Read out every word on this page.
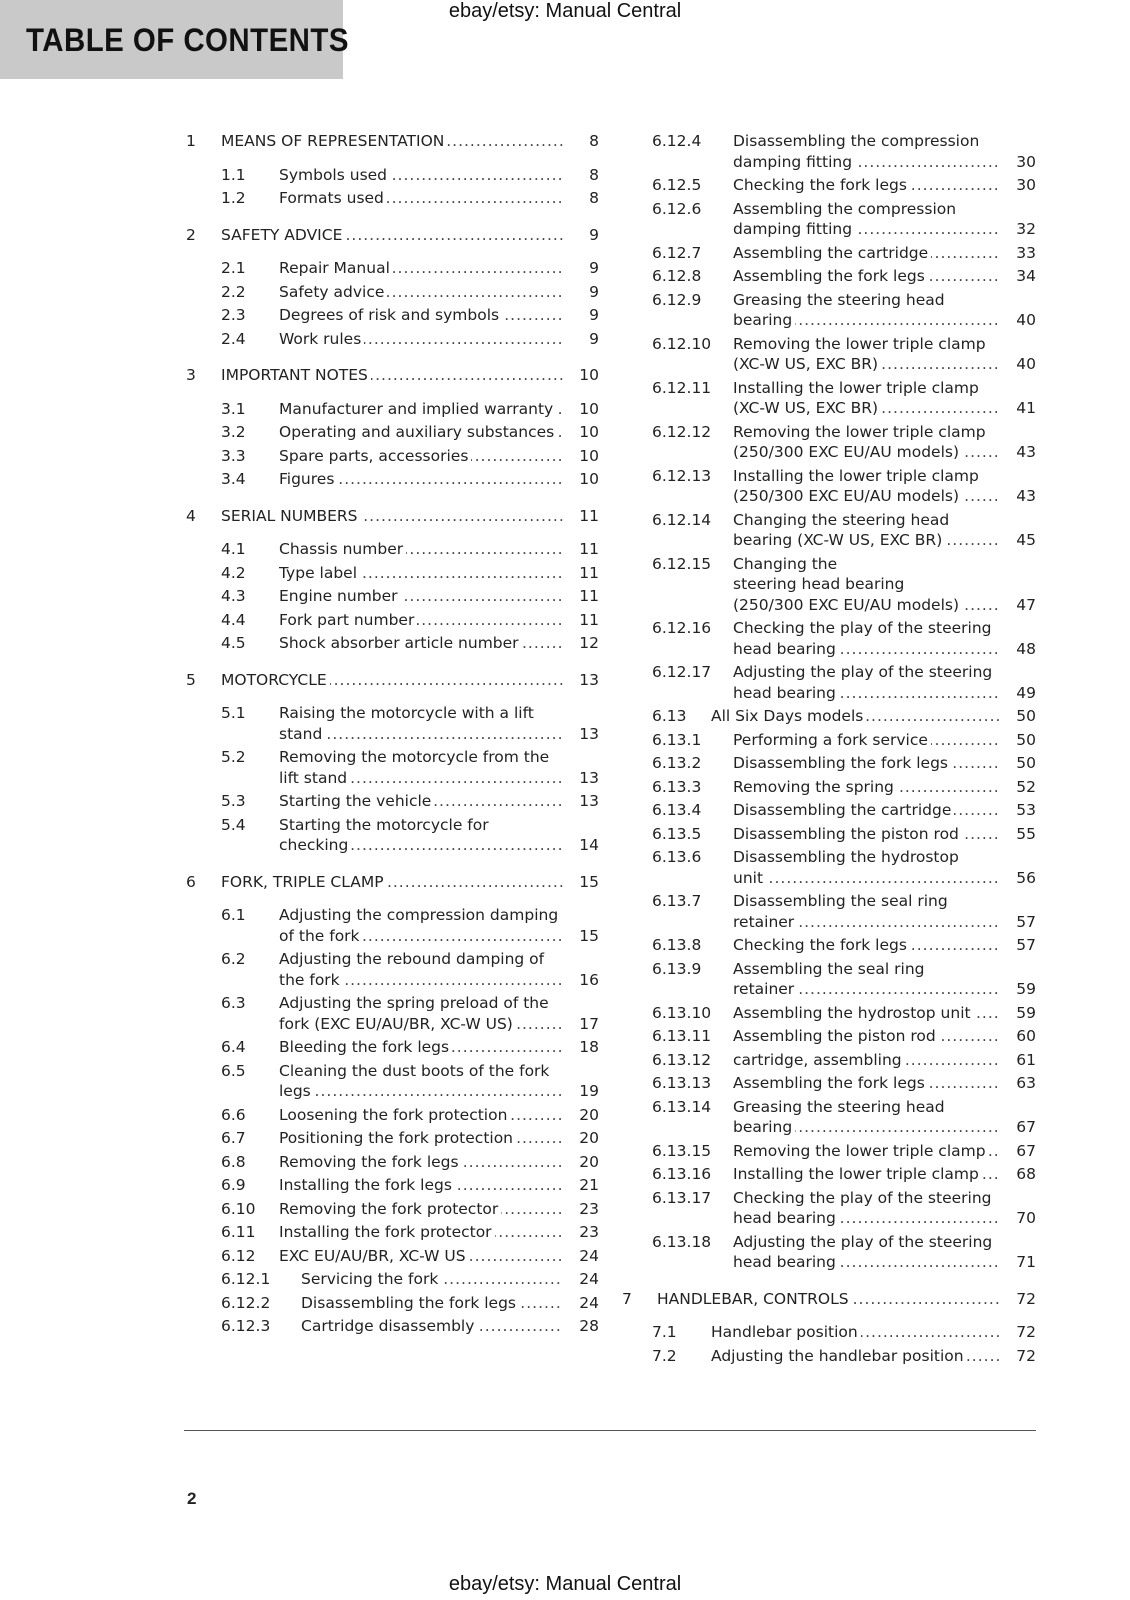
TABLE OF CONTENTS
ebay/etsy: Manual Central
1	MEANS OF REPRESENTATION .....	8
1.1	Symbols used .....	8
1.2	Formats used .....	8
2	SAFETY ADVICE .....	9
2.1	Repair Manual .....	9
2.2	Safety advice .....	9
2.3	Degrees of risk and symbols .....	9
2.4	Work rules .....	9
3	IMPORTANT NOTES .....	10
3.1	Manufacturer and implied warranty .....	10
3.2	Operating and auxiliary substances .....	10
3.3	Spare parts, accessories .....	10
3.4	Figures .....	10
4	SERIAL NUMBERS .....	11
4.1	Chassis number .....	11
4.2	Type label .....	11
4.3	Engine number .....	11
4.4	Fork part number .....	11
4.5	Shock absorber article number .....	12
5	MOTORCYCLE .....	13
5.1	Raising the motorcycle with a lift
stand .....	13
5.2	Removing the motorcycle from the
lift stand .....	13
5.3	Starting the vehicle .....	13
5.4	Starting the motorcycle for
checking .....	14
6	FORK, TRIPLE CLAMP .....	15
6.1	Adjusting the compression damping
of the fork .....	15
6.2	Adjusting the rebound damping of
the fork .....	16
6.3	Adjusting the spring preload of the
fork (EXC EU/AU/BR, XC-W US) .....	17
6.4	Bleeding the fork legs .....	18
6.5	Cleaning the dust boots of the fork
legs .....	19
6.6	Loosening the fork protection .....	20
6.7	Positioning the fork protection .....	20
6.8	Removing the fork legs .....	20
6.9	Installing the fork legs .....	21
6.10	Removing the fork protector .....	23
6.11	Installing the fork protector .....	23
6.12	EXC EU/AU/BR, XC-W US .....	24
6.12.1	Servicing the fork .....	24
6.12.2	Disassembling the fork legs .....	24
6.12.3	Cartridge disassembly .....	28
6.12.4	Disassembling the compression
damping fitting .....	30
6.12.5	Checking the fork legs .....	30
6.12.6	Assembling the compression
damping fitting .....	32
6.12.7	Assembling the cartridge .....	33
6.12.8	Assembling the fork legs .....	34
6.12.9	Greasing the steering head
bearing .....	40
6.12.10	Removing the lower triple clamp
(XC-W US, EXC BR) .....	40
6.12.11	Installing the lower triple clamp
(XC-W US, EXC BR) .....	41
6.12.12	Removing the lower triple clamp
(250/300 EXC EU/AU models) .....	43
6.12.13	Installing the lower triple clamp
(250/300 EXC EU/AU models) .....	43
6.12.14	Changing the steering head
bearing (XC-W US, EXC BR) .....	45
6.12.15	Changing the
steering head bearing
(250/300 EXC EU/AU models) .....	47
6.12.16	Checking the play of the steering
head bearing .....	48
6.12.17	Adjusting the play of the steering
head bearing .....	49
6.13	All Six Days models .....	50
6.13.1	Performing a fork service .....	50
6.13.2	Disassembling the fork legs .....	50
6.13.3	Removing the spring .....	52
6.13.4	Disassembling the cartridge .....	53
6.13.5	Disassembling the piston rod .....	55
6.13.6	Disassembling the hydrostop
unit .....	56
6.13.7	Disassembling the seal ring
retainer .....	57
6.13.8	Checking the fork legs .....	57
6.13.9	Assembling the seal ring
retainer .....	59
6.13.10	Assembling the hydrostop unit .....	59
6.13.11	Assembling the piston rod .....	60
6.13.12	cartridge, assembling .....	61
6.13.13	Assembling the fork legs .....	63
6.13.14	Greasing the steering head
bearing .....	67
6.13.15	Removing the lower triple clamp .....	67
6.13.16	Installing the lower triple clamp .....	68
6.13.17	Checking the play of the steering
head bearing .....	70
6.13.18	Adjusting the play of the steering
head bearing .....	71
7	HANDLEBAR, CONTROLS .....	72
7.1	Handlebar position .....	72
7.2	Adjusting the handlebar position .....	72
2
ebay/etsy: Manual Central
